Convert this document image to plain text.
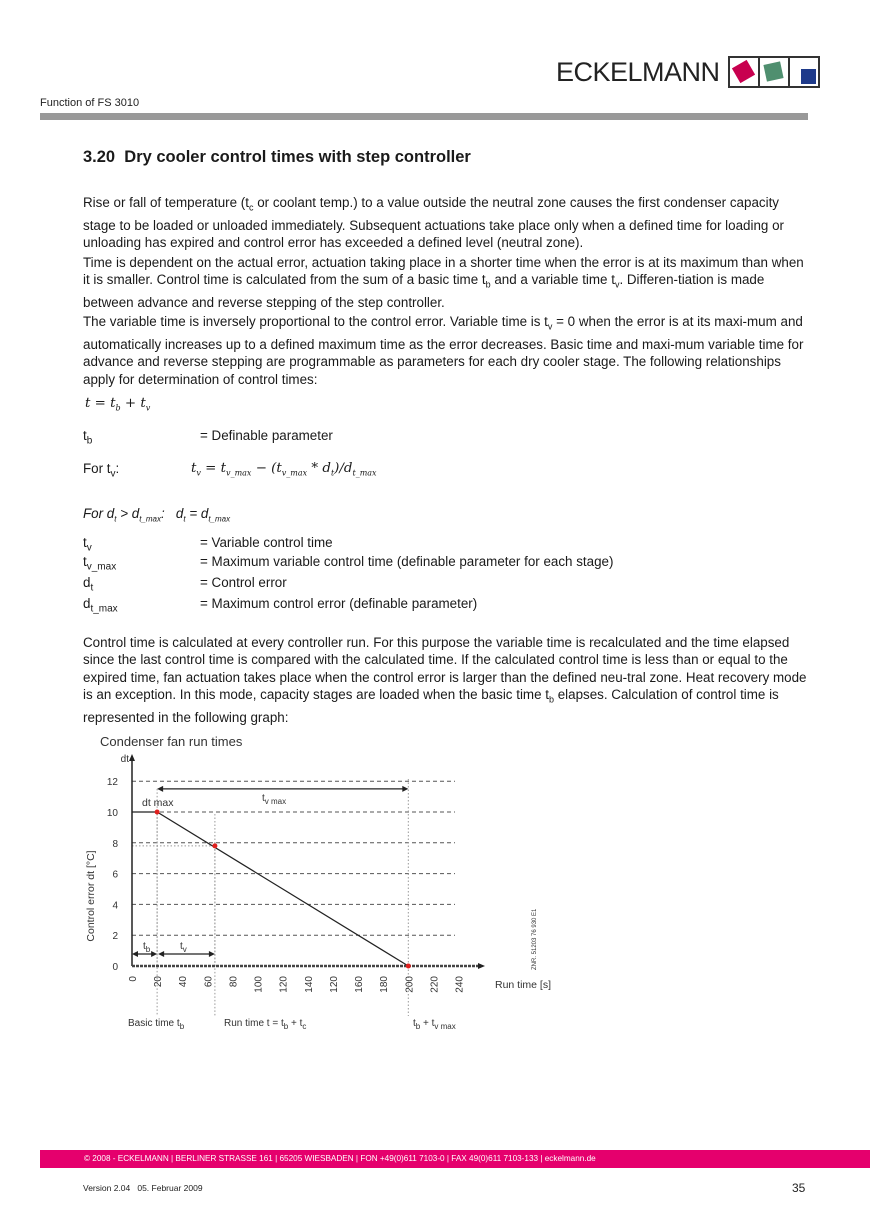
ECKELMANN
Function of FS 3010
3.20  Dry cooler control times with step controller

Rise or fall of temperature ($t_c$ or coolant temp.) to a value outside the neutral zone causes the first condenser capacity stage to be loaded or unloaded immediately. Subsequent actuations take place only when a defined time for loading or unloading has expired and control error has exceeded a defined level (neutral zone).

Time is dependent on the actual error, actuation taking place in a shorter time when the error is at its maximum than when it is smaller. Control time is calculated from the sum of a basic time $t_b$ and a variable time $t_v$. Differen-tiation is made between advance and reverse stepping of the step controller.

The variable time is inversely proportional to the control error. Variable time is $t_v = 0$ when the error is at its maxi-mum and automatically increases up to a defined maximum time as the error decreases. Basic time and maxi-mum variable time for advance and reverse stepping are programmable as parameters for each dry cooler stage. The following relationships apply for determination of control times:

$t = t_b + t_v$
$t_b$	= Definable parameter
For $t_v$:	$t_v = t_{v\_max} - (t_{v\_max} * d_t)/d_{t\_max}$
For $d_t > d_{t\_max}$:   $d_t = d_{t\_max}$
$t_v$	= Variable control time
$t_{v\_max}$	= Maximum variable control time (definable parameter for each stage)
$d_t$	= Control error
$d_{t\_max}$	= Maximum control error (definable parameter)

Control time is calculated at every controller run. For this purpose the variable time is recalculated and the time elapsed since the last control time is compared with the calculated time. If the calculated control time is less than or equal to the expired time, fan actuation takes place when the control error is larger than the defined neu-tral zone. Heat recovery mode is an exception. In this mode, capacity stages are loaded when the basic time $t_b$ elapses. Calculation of control time is represented in the following graph:

Condenser fan run times
0
2
4
6
8
10
12
dt
Control error dt [°C]
0 20 40 60 80 100 120 140 120 160 180 200 220 240	Run time [s]
tv max
dt max
tb	tv
Basic time tb	Run time t = tb + tc	tb + tv max
ZNR. 51203 76 930 E1
© 2008 - ECKELMANN | BERLINER STRASSE 161 | 65205 WIESBADEN | FON +49(0)611 7103-0 | FAX 49(0)611 7103-133 | eckelmann.de
Version 2.04   05. Februar 2009	35
